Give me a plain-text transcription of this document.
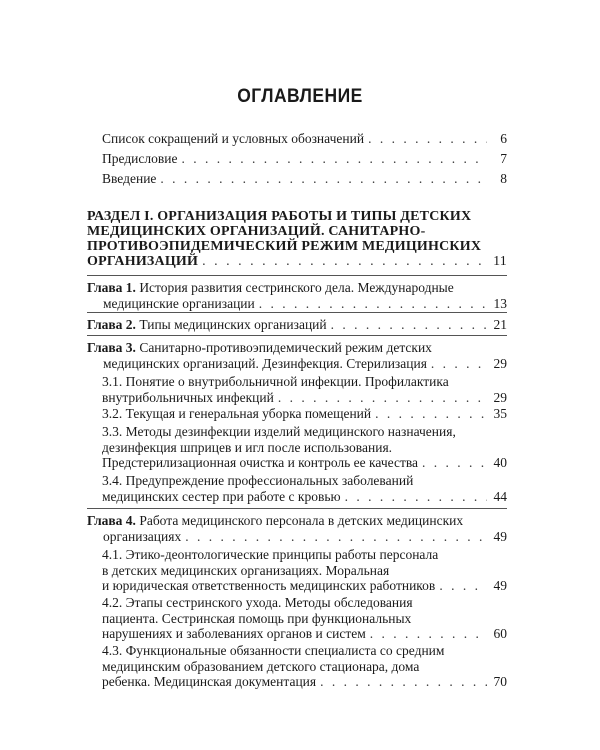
ОГЛАВЛЕНИЕ
Список сокращений и условных обозначений . . .	6
Предисловие . . .	7
Введение . . .	8
РАЗДЕЛ I. ОРГАНИЗАЦИЯ РАБОТЫ И ТИПЫ ДЕТСКИХ
МЕДИЦИНСКИХ ОРГАНИЗАЦИЙ. САНИТАРНО-
ПРОТИВОЭПИДЕМИЧЕСКИЙ РЕЖИМ МЕДИЦИНСКИХ
ОРГАНИЗАЦИЙ . . .	11
Глава 1. История развития сестринского дела. Международные
медицинские организации . . .	13
Глава 2. Типы медицинских организаций . . .	21
Глава 3. Санитарно-противоэпидемический режим детских
медицинских организаций. Дезинфекция. Стерилизация . . .	29
3.1. Понятие о внутрибольничной инфекции. Профилактика
внутрибольничных инфекций . . .	29
3.2. Текущая и генеральная уборка помещений . . .	35
3.3. Методы дезинфекции изделий медицинского назначения,
дезинфекция шприцев и игл после использования.
Предстерилизационная очистка и контроль ее качества . . .	40
3.4. Предупреждение профессиональных заболеваний
медицинских сестер при работе с кровью . . .	44
Глава 4. Работа медицинского персонала в детских медицинских
организациях . . .	49
4.1. Этико-деонтологические принципы работы персонала
в детских медицинских организациях. Моральная
и юридическая ответственность медицинских работников . . .	49
4.2. Этапы сестринского ухода. Методы обследования
пациента. Сестринская помощь при функциональных
нарушениях и заболеваниях органов и систем . . .	60
4.3. Функциональные обязанности специалиста со средним
медицинским образованием детского стационара, дома
ребенка. Медицинская документация . . .	70
